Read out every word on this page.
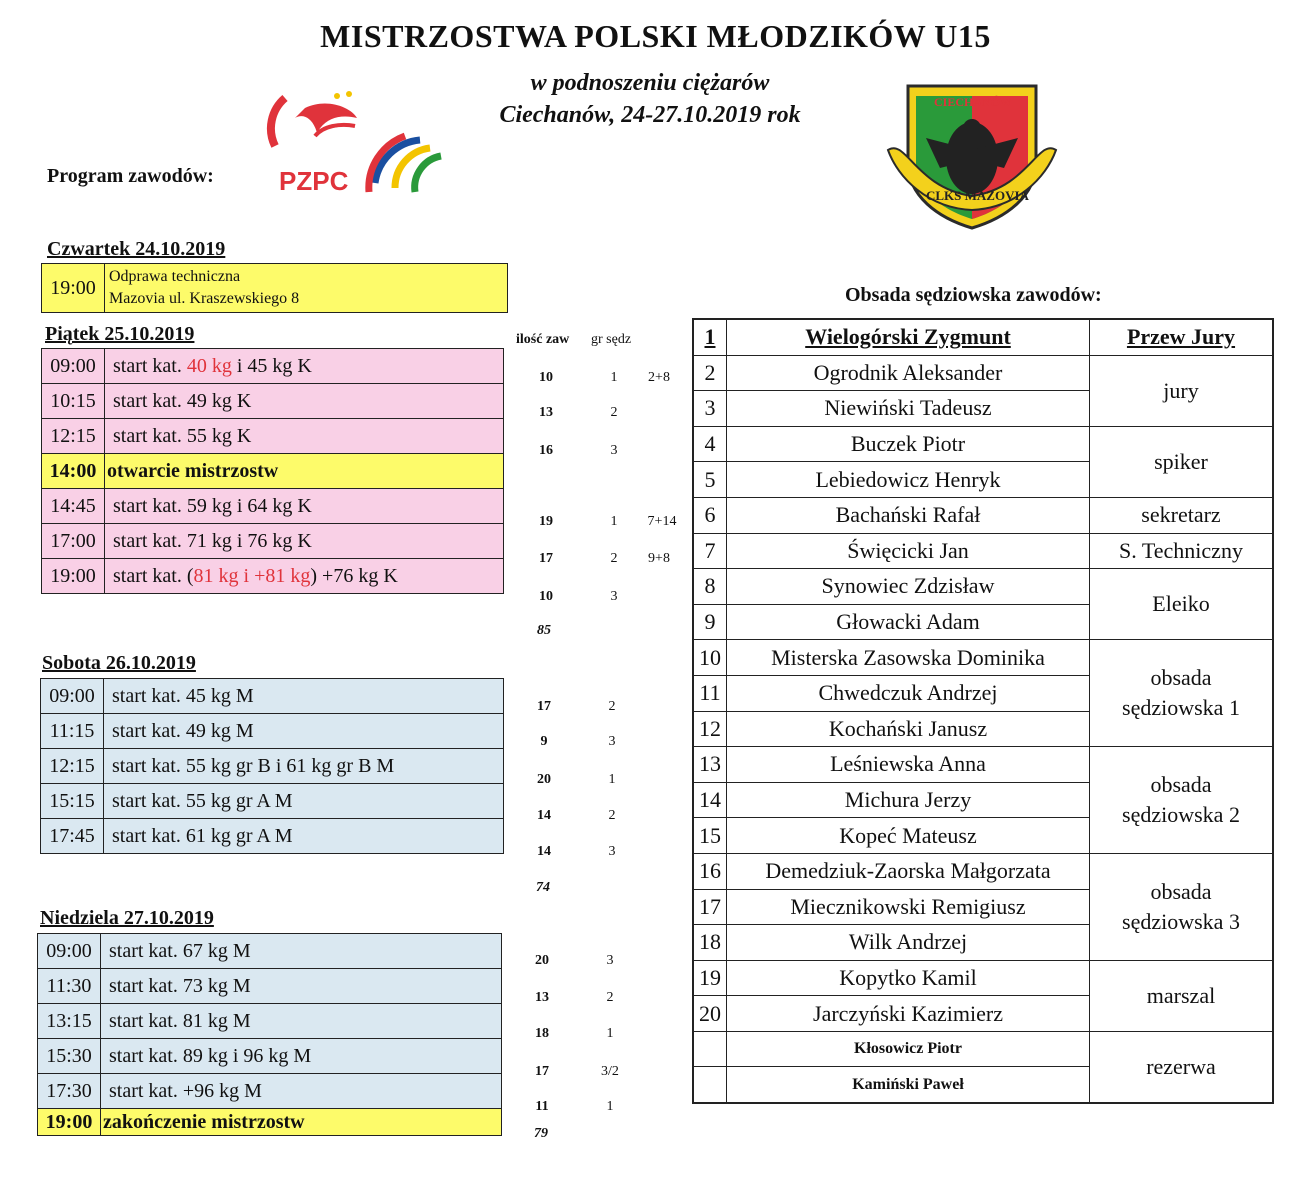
MISTRZOSTWA POLSKI MŁODZIKÓW U15
w podnoszeniu ciężarów
Ciechanów, 24-27.10.2019 rok
Program zawodów:	PZPC
CIECHANÓW
CLKS MAZOVIA
Czwartek 24.10.2019
19:00	Odprawa techniczna
Mazovia ul. Kraszewskiego 8
ilość zaw gr sędz
Piątek 25.10.2019
09:00	start kat. 40 kg i 45 kg K
10:15	start kat. 49 kg K
12:15	start kat. 55 kg K
14:00	otwarcie mistrzostw
14:45	start kat. 59 kg i 64 kg K
17:00	start kat. 71 kg i 76 kg K
19:00	start kat. (81 kg i +81 kg) +76 kg K
10	1	2+8
13	2
16	3
19	1	7+14
17	2	9+8
10	3
85
Sobota 26.10.2019
09:00	start kat. 45 kg M
11:15	start kat. 49 kg M
12:15	start kat. 55 kg gr B i 61 kg gr B M
15:15	start kat. 55 kg gr A M
17:45	start kat. 61 kg gr A M
17	2
9	3
20	1
14	2
14	3
74
Niedziela 27.10.2019
09:00	start kat. 67 kg M
11:30	start kat. 73 kg M
13:15	start kat. 81 kg M
15:30	start kat. 89 kg i 96 kg M
17:30	start kat. +96 kg M
19:00	zakończenie mistrzostw
20	3
13	2
18	1
17	3/2
11	1
79
Obsada sędziowska zawodów:
1	Wielogórski Zygmunt	Przew Jury
2	Ogrodnik Aleksander	jury
3	Niewiński Tadeusz	
4	Buczek Piotr	spiker
5	Lebiedowicz Henryk	
6	Bachański Rafał	sekretarz
7	Święcicki Jan	S. Techniczny
8	Synowiec Zdzisław	Eleiko
9	Głowacki Adam	
10	Misterska Zasowska Dominika	obsada
sędziowska 1
11	Chwedczuk Andrzej	
12	Kochański Janusz	
13	Leśniewska Anna	obsada
sędziowska 2
14	Michura Jerzy	
15	Kopeć Mateusz	
16	Demedziuk-Zaorska Małgorzata	obsada
sędziowska 3
17	Miecznikowski Remigiusz	
18	Wilk Andrzej	
19	Kopytko Kamil	marszal
20	Jarczyński Kazimierz	
	Kłosowicz Piotr	rezerwa
	Kamiński Paweł	
